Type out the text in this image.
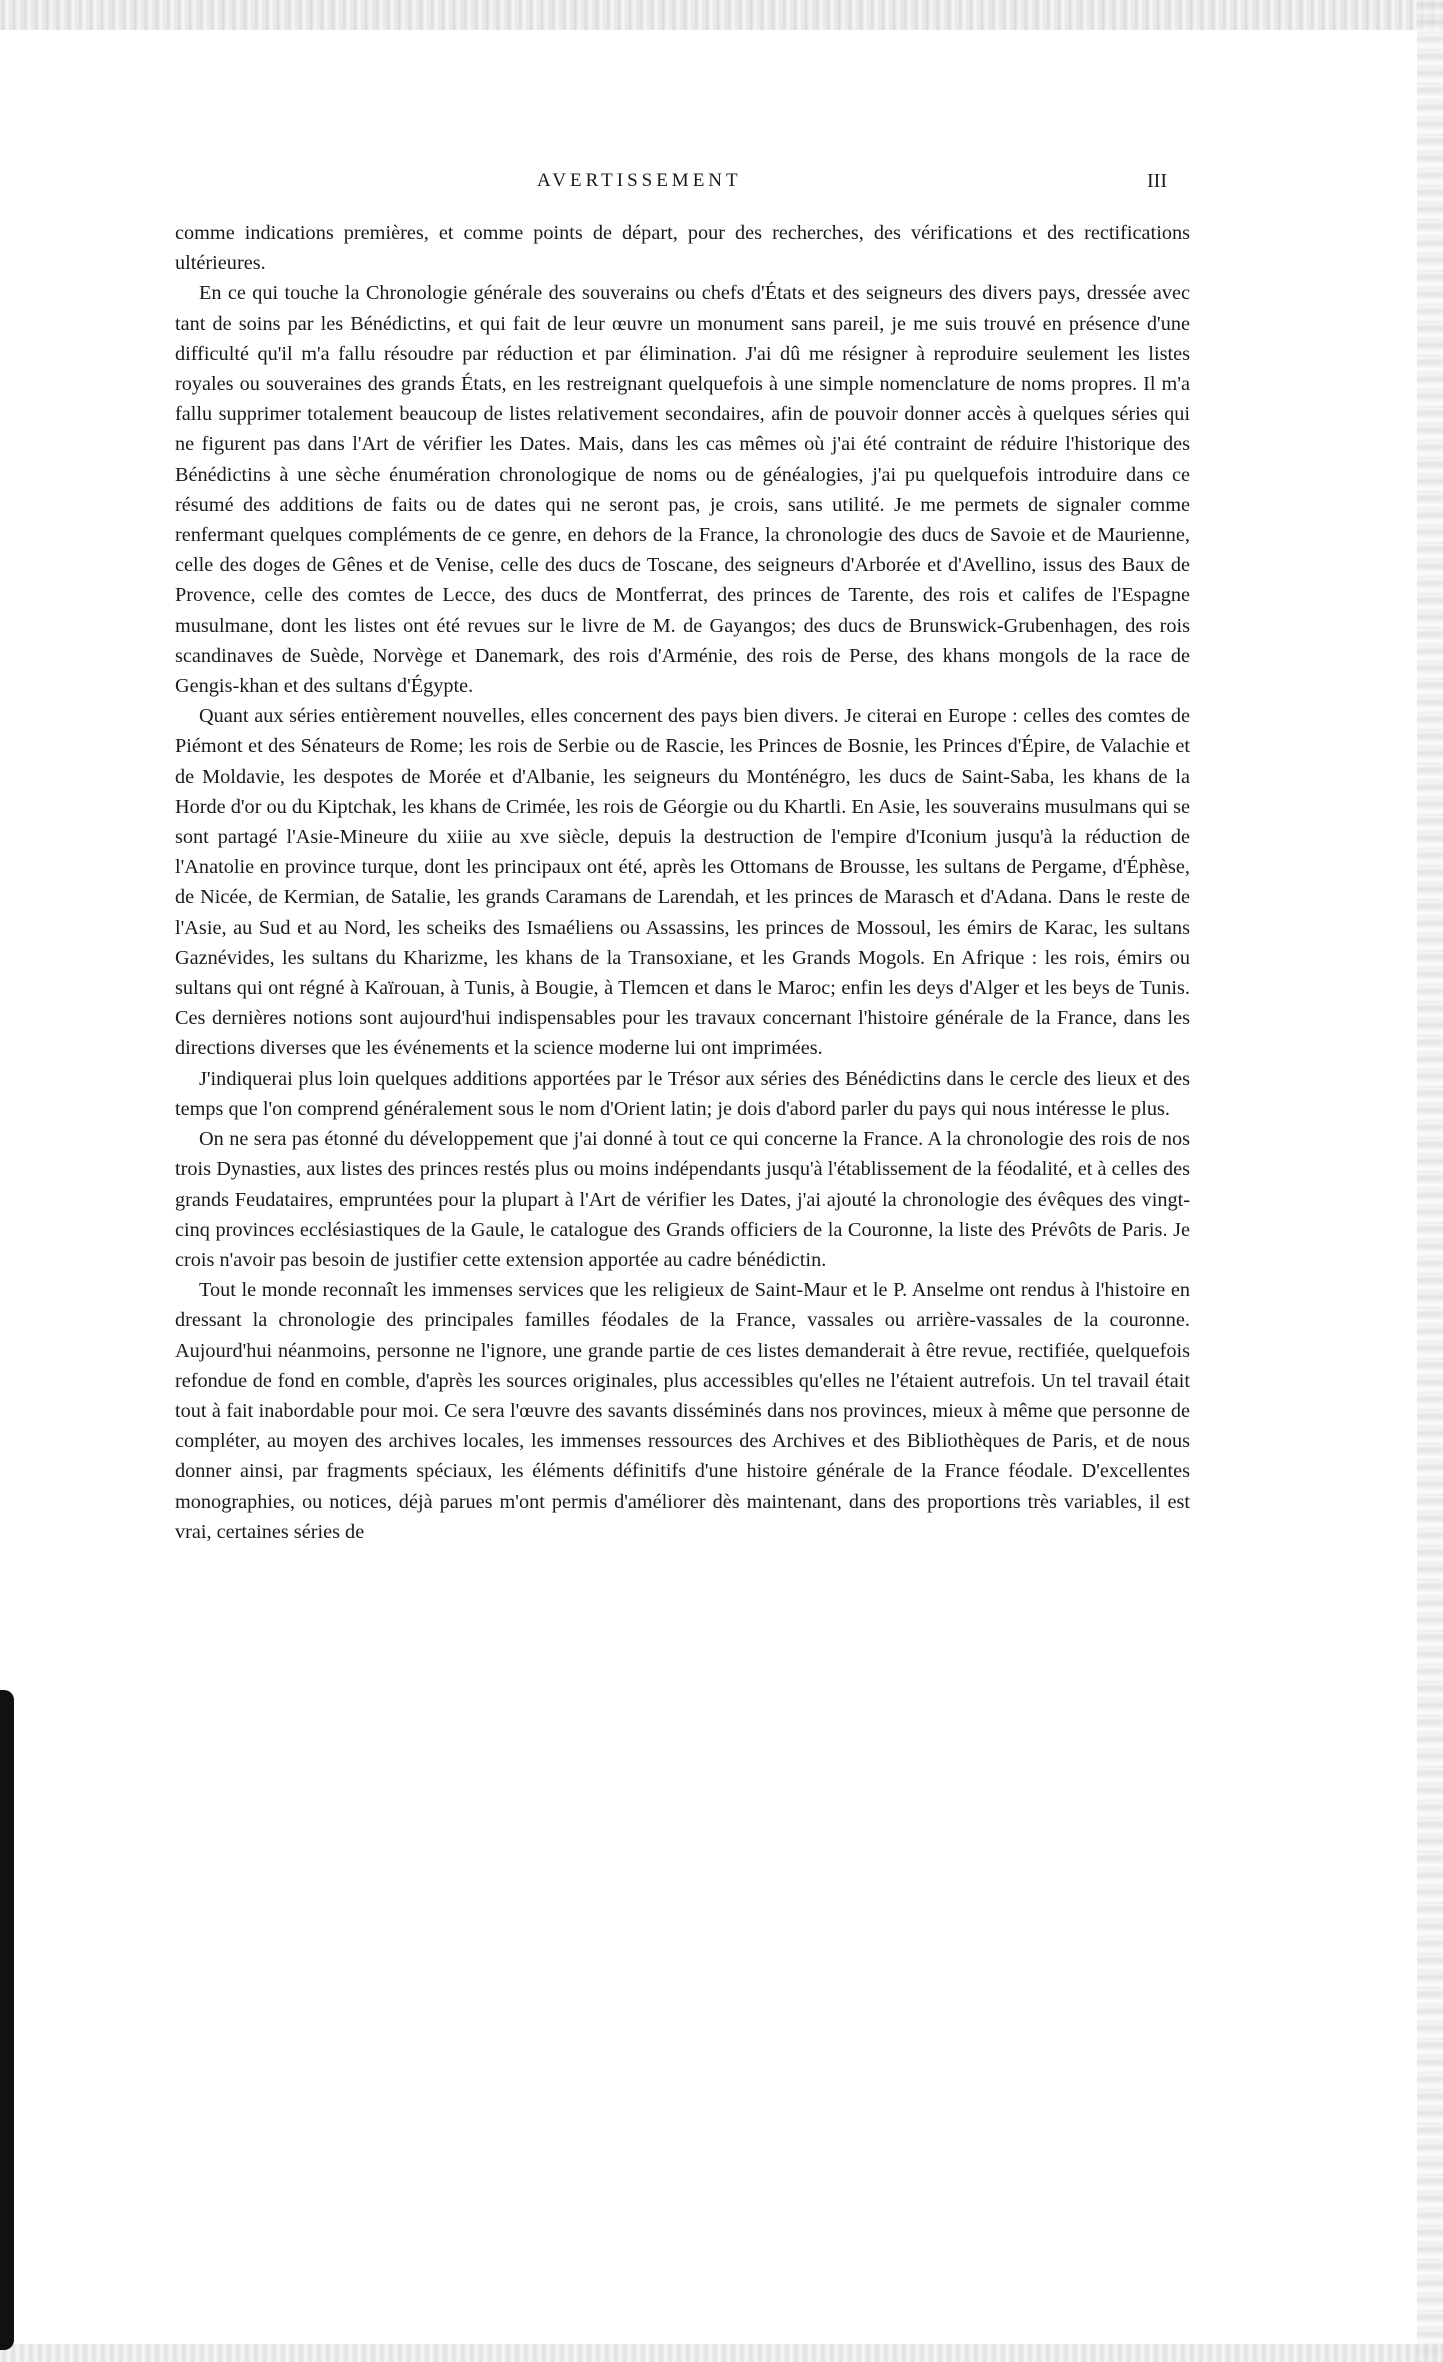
AVERTISSEMENT	III

comme indications premières, et comme points de départ, pour des recherches, des vérifications et des rectifications ultérieures.

En ce qui touche la Chronologie générale des souverains ou chefs d'États et des seigneurs des divers pays, dressée avec tant de soins par les Bénédictins, et qui fait de leur œuvre un monument sans pareil, je me suis trouvé en présence d'une difficulté qu'il m'a fallu résoudre par réduction et par élimination. J'ai dû me résigner à reproduire seulement les listes royales ou souveraines des grands États, en les restreignant quelquefois à une simple nomenclature de noms propres. Il m'a fallu supprimer totalement beaucoup de listes relativement secondaires, afin de pouvoir donner accès à quelques séries qui ne figurent pas dans l'Art de vérifier les Dates. Mais, dans les cas mêmes où j'ai été contraint de réduire l'historique des Bénédictins à une sèche énumération chronologique de noms ou de généalogies, j'ai pu quelquefois introduire dans ce résumé des additions de faits ou de dates qui ne seront pas, je crois, sans utilité. Je me permets de signaler comme renfermant quelques compléments de ce genre, en dehors de la France, la chronologie des ducs de Savoie et de Maurienne, celle des doges de Gênes et de Venise, celle des ducs de Toscane, des seigneurs d'Arborée et d'Avellino, issus des Baux de Provence, celle des comtes de Lecce, des ducs de Montferrat, des princes de Tarente, des rois et califes de l'Espagne musulmane, dont les listes ont été revues sur le livre de M. de Gayangos; des ducs de Brunswick-Grubenhagen, des rois scandinaves de Suède, Norvège et Danemark, des rois d'Arménie, des rois de Perse, des khans mongols de la race de Gengis-khan et des sultans d'Égypte.

Quant aux séries entièrement nouvelles, elles concernent des pays bien divers. Je citerai en Europe : celles des comtes de Piémont et des Sénateurs de Rome; les rois de Serbie ou de Rascie, les Princes de Bosnie, les Princes d'Épire, de Valachie et de Moldavie, les despotes de Morée et d'Albanie, les seigneurs du Monténégro, les ducs de Saint-Saba, les khans de la Horde d'or ou du Kiptchak, les khans de Crimée, les rois de Géorgie ou du Khartli. En Asie, les souverains musulmans qui se sont partagé l'Asie-Mineure du xiiie au xve siècle, depuis la destruction de l'empire d'Iconium jusqu'à la réduction de l'Anatolie en province turque, dont les principaux ont été, après les Ottomans de Brousse, les sultans de Pergame, d'Éphèse, de Nicée, de Kermian, de Satalie, les grands Caramans de Larendah, et les princes de Marasch et d'Adana. Dans le reste de l'Asie, au Sud et au Nord, les scheiks des Ismaéliens ou Assassins, les princes de Mossoul, les émirs de Karac, les sultans Gaznévides, les sultans du Kharizme, les khans de la Transoxiane, et les Grands Mogols. En Afrique : les rois, émirs ou sultans qui ont régné à Kaïrouan, à Tunis, à Bougie, à Tlemcen et dans le Maroc; enfin les deys d'Alger et les beys de Tunis. Ces dernières notions sont aujourd'hui indispensables pour les travaux concernant l'histoire générale de la France, dans les directions diverses que les événements et la science moderne lui ont imprimées.

J'indiquerai plus loin quelques additions apportées par le Trésor aux séries des Bénédictins dans le cercle des lieux et des temps que l'on comprend généralement sous le nom d'Orient latin; je dois d'abord parler du pays qui nous intéresse le plus.

On ne sera pas étonné du développement que j'ai donné à tout ce qui concerne la France. A la chronologie des rois de nos trois Dynasties, aux listes des princes restés plus ou moins indépendants jusqu'à l'établissement de la féodalité, et à celles des grands Feudataires, empruntées pour la plupart à l'Art de vérifier les Dates, j'ai ajouté la chronologie des évêques des vingt-cinq provinces ecclésiastiques de la Gaule, le catalogue des Grands officiers de la Couronne, la liste des Prévôts de Paris. Je crois n'avoir pas besoin de justifier cette extension apportée au cadre bénédictin.

Tout le monde reconnaît les immenses services que les religieux de Saint-Maur et le P. Anselme ont rendus à l'histoire en dressant la chronologie des principales familles féodales de la France, vassales ou arrière-vassales de la couronne. Aujourd'hui néanmoins, personne ne l'ignore, une grande partie de ces listes demanderait à être revue, rectifiée, quelquefois refondue de fond en comble, d'après les sources originales, plus accessibles qu'elles ne l'étaient autrefois. Un tel travail était tout à fait inabordable pour moi. Ce sera l'œuvre des savants disséminés dans nos provinces, mieux à même que personne de compléter, au moyen des archives locales, les immenses ressources des Archives et des Bibliothèques de Paris, et de nous donner ainsi, par fragments spéciaux, les éléments définitifs d'une histoire générale de la France féodale. D'excellentes monographies, ou notices, déjà parues m'ont permis d'améliorer dès maintenant, dans des proportions très variables, il est vrai, certaines séries de
